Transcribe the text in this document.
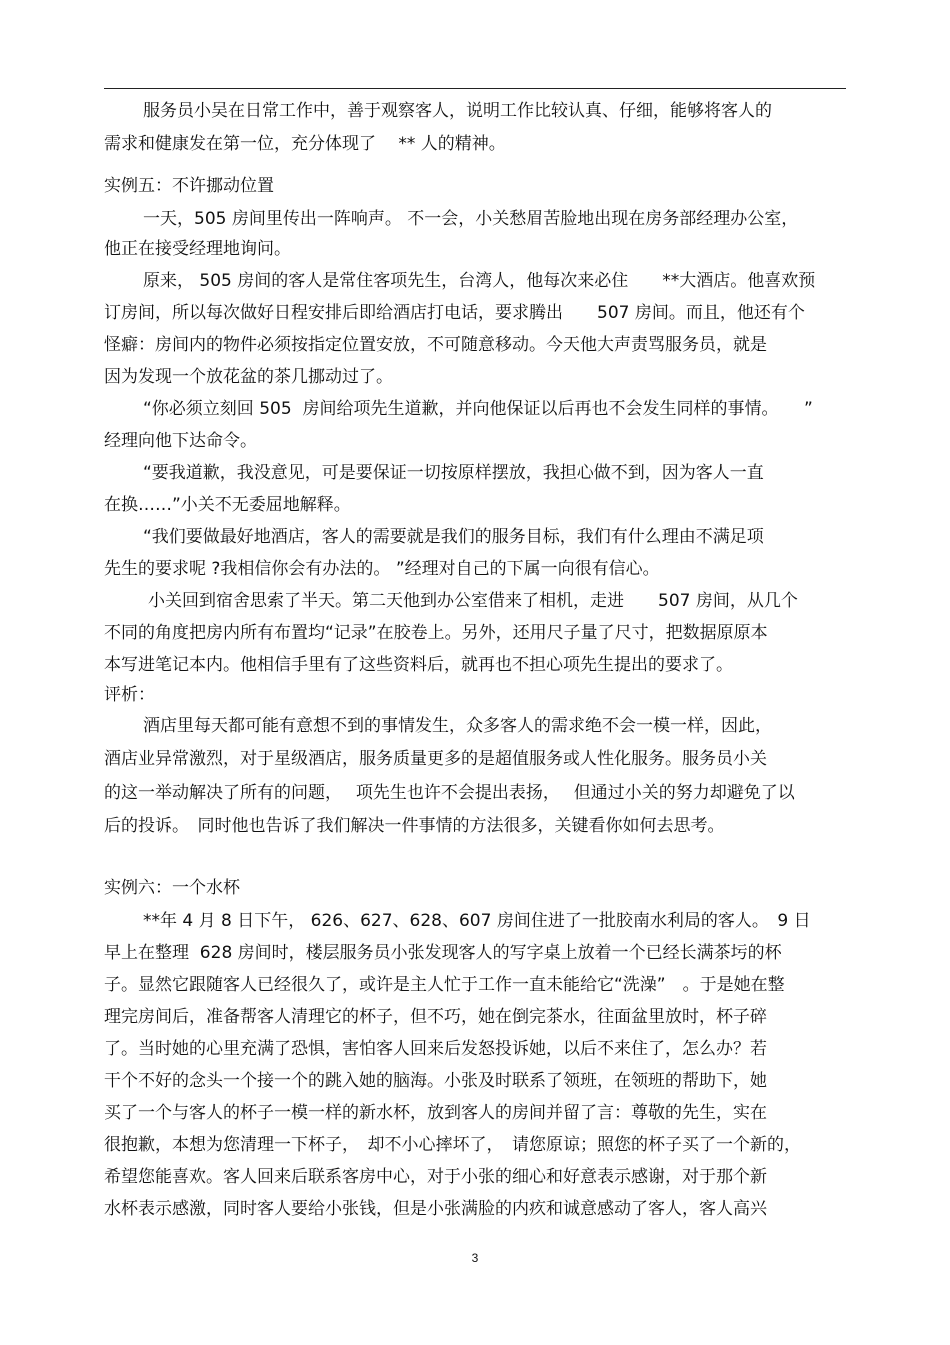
服务员小吴在日常工作中，善于观察客人，说明工作比较认真、仔细，能够将客人的
需求和健康发在第一位，充分体现了　 ** 人的精神。
实例五：不许挪动位置
一天，505 房间里传出一阵响声。 不一会，小关愁眉苦脸地出现在房务部经理办公室，
他正在接受经理地询问。
原来， 505 房间的客人是常住客项先生，台湾人，他每次来必住　　**大酒店。他喜欢预
订房间，所以每次做好日程安排后即给酒店打电话，要求腾出　　507 房间。而且，他还有个
怪癖：房间内的物件必须按指定位置安放，不可随意移动。今天他大声责骂服务员，就是
因为发现一个放花盆的茶几挪动过了。
“你必须立刻回 505  房间给项先生道歉，并向他保证以后再也不会发生同样的事情。　　”
经理向他下达命令。
“要我道歉，我没意见，可是要保证一切按原样摆放，我担心做不到，因为客人一直
在换……”小关不无委屈地解释。
“我们要做最好地酒店，客人的需要就是我们的服务目标，我们有什么理由不满足项
先生的要求呢 ?我相信你会有办法的。 ”经理对自己的下属一向很有信心。
小关回到宿舍思索了半天。第二天他到办公室借来了相机，走进　　507 房间，从几个
不同的角度把房内所有布置均“记录”在胶卷上。另外，还用尺子量了尺寸，把数据原原本
本写进笔记本内。他相信手里有了这些资料后，就再也不担心项先生提出的要求了。
评析：
酒店里每天都可能有意想不到的事情发生，众多客人的需求绝不会一模一样，因此，
酒店业异常激烈，对于星级酒店，服务质量更多的是超值服务或人性化服务。服务员小关
的这一举动解决了所有的问题，　 项先生也许不会提出表扬，　 但通过小关的努力却避免了以
后的投诉。　同时他也告诉了我们解决一件事情的方法很多，关键看你如何去思考。
实例六：一个水杯
**年 4 月 8 日下午， 626、627、628、607 房间住进了一批胶南水利局的客人。　9 日
早上在整理  628 房间时，楼层服务员小张发现客人的写字桌上放着一个已经长满茶圬的杯
子。显然它跟随客人已经很久了，或许是主人忙于工作一直未能给它“洗澡”　。于是她在整
理完房间后，准备帮客人清理它的杯子，但不巧，她在倒完茶水，往面盆里放时，杯子碎
了。当时她的心里充满了恐惧，害怕客人回来后发怒投诉她，以后不来住了，怎么办？若
干个不好的念头一个接一个的跳入她的脑海。小张及时联系了领班，在领班的帮助下，她
买了一个与客人的杯子一模一样的新水杯，放到客人的房间并留了言：尊敬的先生，实在
很抱歉，本想为您清理一下杯子，　却不小心摔坏了，　请您原谅；照您的杯子买了一个新的，
希望您能喜欢。客人回来后联系客房中心，对于小张的细心和好意表示感谢，对于那个新
水杯表示感激，同时客人要给小张钱，但是小张满脸的内疚和诚意感动了客人，客人高兴
3
